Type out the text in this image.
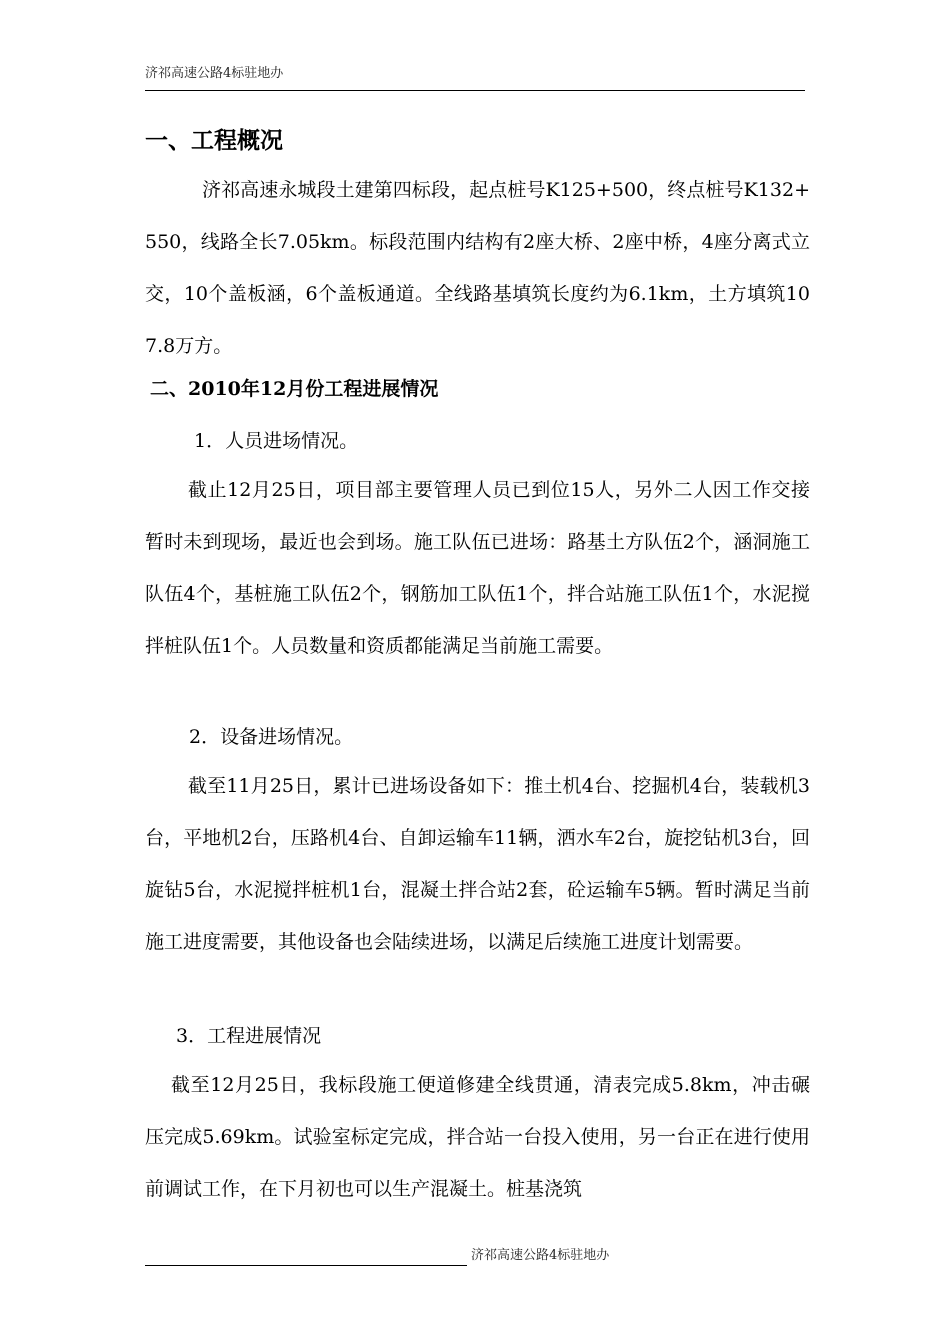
济祁高速公路4标驻地办
一、工程概况

济祁高速永城段土建第四标段，起点桩号K125+500，终点桩号K132+550，线路全长7.05km。标段范围内结构有2座大桥、2座中桥，4座分离式立交，10个盖板涵，6个盖板通道。全线路基填筑长度约为6.1km，土方填筑107.8万方。

二、2010年12月份工程进展情况

1．人员进场情况。

截止12月25日，项目部主要管理人员已到位15人，另外二人因工作交接暂时未到现场，最近也会到场。施工队伍已进场：路基土方队伍2个，涵洞施工队伍4个，基桩施工队伍2个，钢筋加工队伍1个，拌合站施工队伍1个，水泥搅拌桩队伍1个。人员数量和资质都能满足当前施工需要。

2．设备进场情况。

截至11月25日，累计已进场设备如下：推土机4台、挖掘机4台，装载机3台，平地机2台，压路机4台、自卸运输车11辆，洒水车2台，旋挖钻机3台，回旋钻5台，水泥搅拌桩机1台，混凝土拌合站2套，砼运输车5辆。暂时满足当前施工进度需要，其他设备也会陆续进场，以满足后续施工进度计划需要。

3．工程进展情况

截至12月25日，我标段施工便道修建全线贯通，清表完成5.8km，冲击碾压完成5.69km。试验室标定完成，拌合站一台投入使用，另一台正在进行使用前调试工作，在下月初也可以生产混凝土。桩基浇筑

济祁高速公路4标驻地办
